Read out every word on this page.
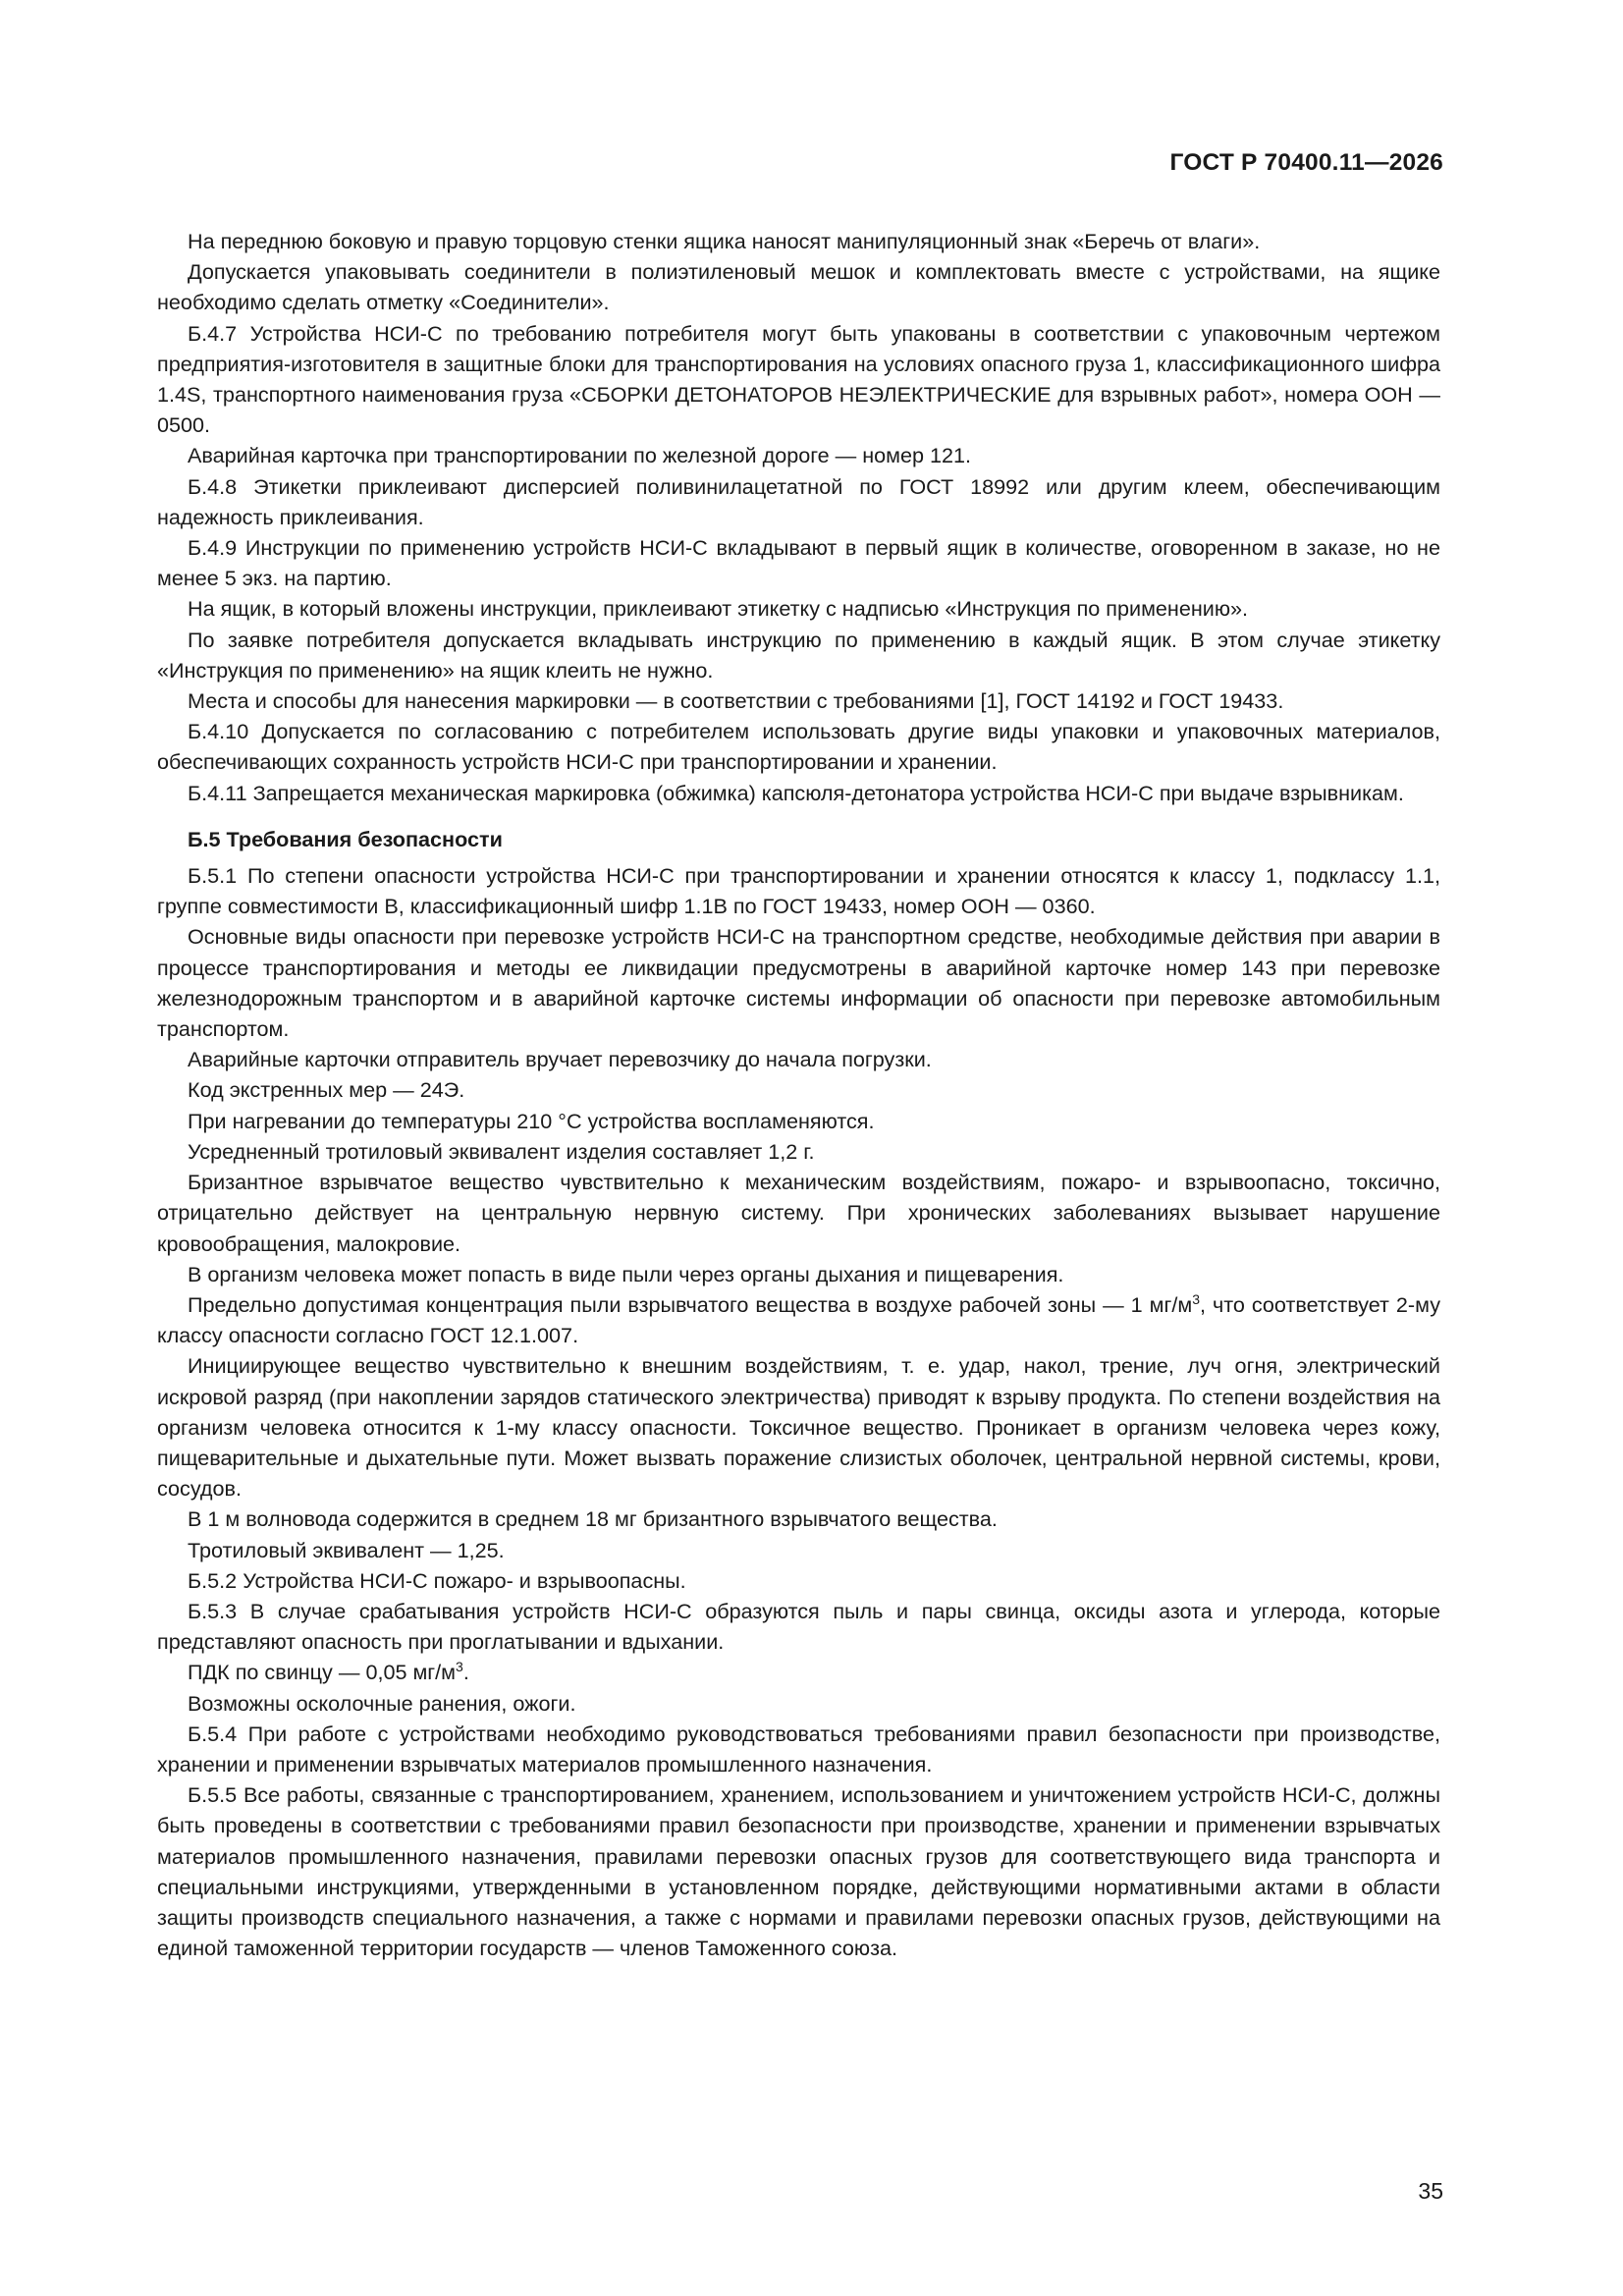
ГОСТ Р 70400.11—2026

На переднюю боковую и правую торцовую стенки ящика наносят манипуляционный знак «Беречь от влаги».

Допускается упаковывать соединители в полиэтиленовый мешок и комплектовать вместе с устройствами, на ящике необходимо сделать отметку «Соединители».

Б.4.7 Устройства НСИ-С по требованию потребителя могут быть упакованы в соответствии с упаковочным чертежом предприятия-изготовителя в защитные блоки для транспортирования на условиях опасного груза 1, классификационного шифра 1.4S, транспортного наименования груза «СБОРКИ ДЕТОНАТОРОВ НЕЭЛЕКТРИЧЕСКИЕ для взрывных работ», номера ООН — 0500.

Аварийная карточка при транспортировании по железной дороге — номер 121.

Б.4.8 Этикетки приклеивают дисперсией поливинилацетатной по ГОСТ 18992 или другим клеем, обеспечивающим надежность приклеивания.

Б.4.9 Инструкции по применению устройств НСИ-С вкладывают в первый ящик в количестве, оговоренном в заказе, но не менее 5 экз. на партию.

На ящик, в который вложены инструкции, приклеивают этикетку с надписью «Инструкция по применению».

По заявке потребителя допускается вкладывать инструкцию по применению в каждый ящик. В этом случае этикетку «Инструкция по применению» на ящик клеить не нужно.

Места и способы для нанесения маркировки — в соответствии с требованиями [1], ГОСТ 14192 и ГОСТ 19433.

Б.4.10 Допускается по согласованию с потребителем использовать другие виды упаковки и упаковочных материалов, обеспечивающих сохранность устройств НСИ-С при транспортировании и хранении.

Б.4.11 Запрещается механическая маркировка (обжимка) капсюля-детонатора устройства НСИ-С при выдаче взрывникам.

Б.5 Требования безопасности

Б.5.1 По степени опасности устройства НСИ-С при транспортировании и хранении относятся к классу 1, подклассу 1.1, группе совместимости B, классификационный шифр 1.1B по ГОСТ 19433, номер ООН — 0360.

Основные виды опасности при перевозке устройств НСИ-С на транспортном средстве, необходимые действия при аварии в процессе транспортирования и методы ее ликвидации предусмотрены в аварийной карточке номер 143 при перевозке железнодорожным транспортом и в аварийной карточке системы информации об опасности при перевозке автомобильным транспортом.

Аварийные карточки отправитель вручает перевозчику до начала погрузки.

Код экстренных мер — 24Э.

При нагревании до температуры 210 °С устройства воспламеняются.

Усредненный тротиловый эквивалент изделия составляет 1,2 г.

Бризантное взрывчатое вещество чувствительно к механическим воздействиям, пожаро- и взрывоопасно, токсично, отрицательно действует на центральную нервную систему. При хронических заболеваниях вызывает нарушение кровообращения, малокровие.

В организм человека может попасть в виде пыли через органы дыхания и пищеварения.

Предельно допустимая концентрация пыли взрывчатого вещества в воздухе рабочей зоны — 1 $мг/м^3$, что соответствует 2-му классу опасности согласно ГОСТ 12.1.007.

Инициирующее вещество чувствительно к внешним воздействиям, т. е. удар, накол, трение, луч огня, электрический искровой разряд (при накоплении зарядов статического электричества) приводят к взрыву продукта. По степени воздействия на организм человека относится к 1-му классу опасности. Токсичное вещество. Проникает в организм человека через кожу, пищеварительные и дыхательные пути. Может вызвать поражение слизистых оболочек, центральной нервной системы, крови, сосудов.

В 1 м волновода содержится в среднем 18 мг бризантного взрывчатого вещества.

Тротиловый эквивалент — 1,25.

Б.5.2 Устройства НСИ-С пожаро- и взрывоопасны.

Б.5.3 В случае срабатывания устройств НСИ-С образуются пыль и пары свинца, оксиды азота и углерода, которые представляют опасность при проглатывании и вдыхании.

ПДК по свинцу — 0,05 $мг/м^3$.

Возможны осколочные ранения, ожоги.

Б.5.4 При работе с устройствами необходимо руководствоваться требованиями правил безопасности при производстве, хранении и применении взрывчатых материалов промышленного назначения.

Б.5.5 Все работы, связанные с транспортированием, хранением, использованием и уничтожением устройств НСИ-С, должны быть проведены в соответствии с требованиями правил безопасности при производстве, хранении и применении взрывчатых материалов промышленного назначения, правилами перевозки опасных грузов для соответствующего вида транспорта и специальными инструкциями, утвержденными в установленном порядке, действующими нормативными актами в области защиты производств специального назначения, а также с нормами и правилами перевозки опасных грузов, действующими на единой таможенной территории государств — членов Таможенного союза.

35
